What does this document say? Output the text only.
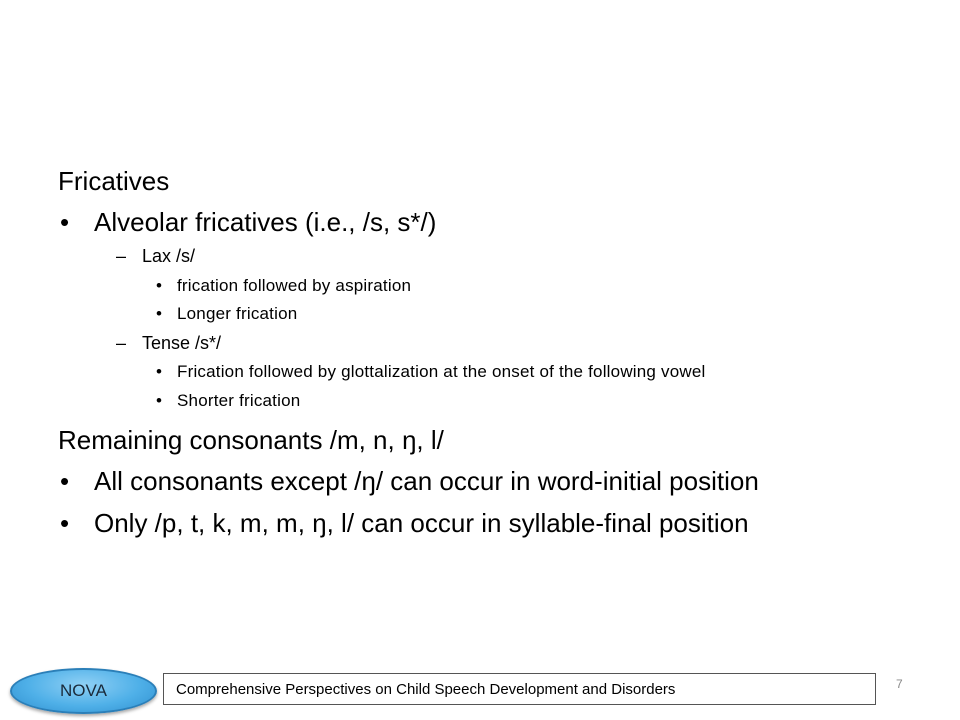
Fricatives
• Alveolar fricatives (i.e., /s, s*/)
– Lax /s/
• frication followed by aspiration
• Longer frication
– Tense /s*/
• Frication followed by glottalization at the onset of the following vowel
• Shorter frication
Remaining consonants /m, n, ŋ, l/
• All consonants except /ŋ/ can occur in word-initial position
• Only /p, t, k, m, m, ŋ, l/ can occur in syllable-final position
Comprehensive Perspectives on Child Speech Development and Disorders
NOVA	7
